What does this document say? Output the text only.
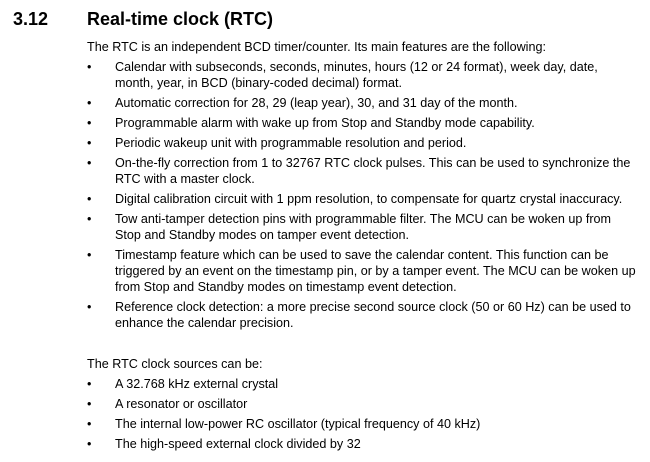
3.12 Real-time clock (RTC)
The RTC is an independent BCD timer/counter. Its main features are the following:
•	Calendar with subseconds, seconds, minutes, hours (12 or 24 format), week day, date, month, year, in BCD (binary-coded decimal) format.
•	Automatic correction for 28, 29 (leap year), 30, and 31 day of the month.
•	Programmable alarm with wake up from Stop and Standby mode capability.
•	Periodic wakeup unit with programmable resolution and period.
•	On-the-fly correction from 1 to 32767 RTC clock pulses. This can be used to synchronize the RTC with a master clock.
•	Digital calibration circuit with 1 ppm resolution, to compensate for quartz crystal inaccuracy.
•	Tow anti-tamper detection pins with programmable filter. The MCU can be woken up from Stop and Standby modes on tamper event detection.
•	Timestamp feature which can be used to save the calendar content. This function can be triggered by an event on the timestamp pin, or by a tamper event. The MCU can be woken up from Stop and Standby modes on timestamp event detection.
•	Reference clock detection: a more precise second source clock (50 or 60 Hz) can be used to enhance the calendar precision.
The RTC clock sources can be:
•	A 32.768 kHz external crystal
•	A resonator or oscillator
•	The internal low-power RC oscillator (typical frequency of 40 kHz)
•	The high-speed external clock divided by 32
